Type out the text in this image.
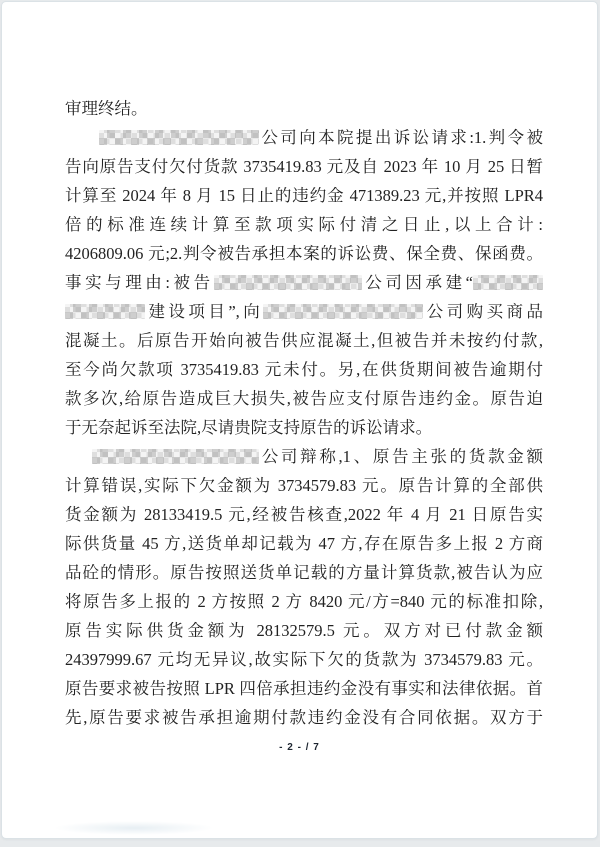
审理终结。
公司向本院提出诉讼请求:1.判令被
告向原告支付欠付货款 3735419.83 元及自 2023 年 10 月 25 日暂
计算至 2024 年 8 月 15 日止的违约金 471389.23 元,并按照 LPR4
倍的标准连续计算至款项实际付清之日止,以上合计:
4206809.06 元;2.判令被告承担本案的诉讼费、保全费、保函费。
事实与理由:被告	公司因承建“
建设项目”,向	公司购买商品
混凝土。后原告开始向被告供应混凝土,但被告并未按约付款,
至今尚欠款项 3735419.83 元未付。另,在供货期间被告逾期付
款多次,给原告造成巨大损失,被告应支付原告违约金。原告迫
于无奈起诉至法院,尽请贵院支持原告的诉讼请求。
公司辩称,1、原告主张的货款金额
计算错误,实际下欠金额为 3734579.83 元。原告计算的全部供
货金额为 28133419.5 元,经被告核查,2022 年 4 月 21 日原告实
际供货量 45 方,送货单却记载为 47 方,存在原告多上报 2 方商
品砼的情形。原告按照送货单记载的方量计算货款,被告认为应
将原告多上报的 2 方按照 2 方 8420 元/方=840 元的标准扣除,
原告实际供货金额为 28132579.5 元。双方对已付款金额
24397999.67 元均无异议,故实际下欠的货款为 3734579.83 元。
原告要求被告按照 LPR 四倍承担违约金没有事实和法律依据。首
先,原告要求被告承担逾期付款违约金没有合同依据。双方于
- 2 - / 7
